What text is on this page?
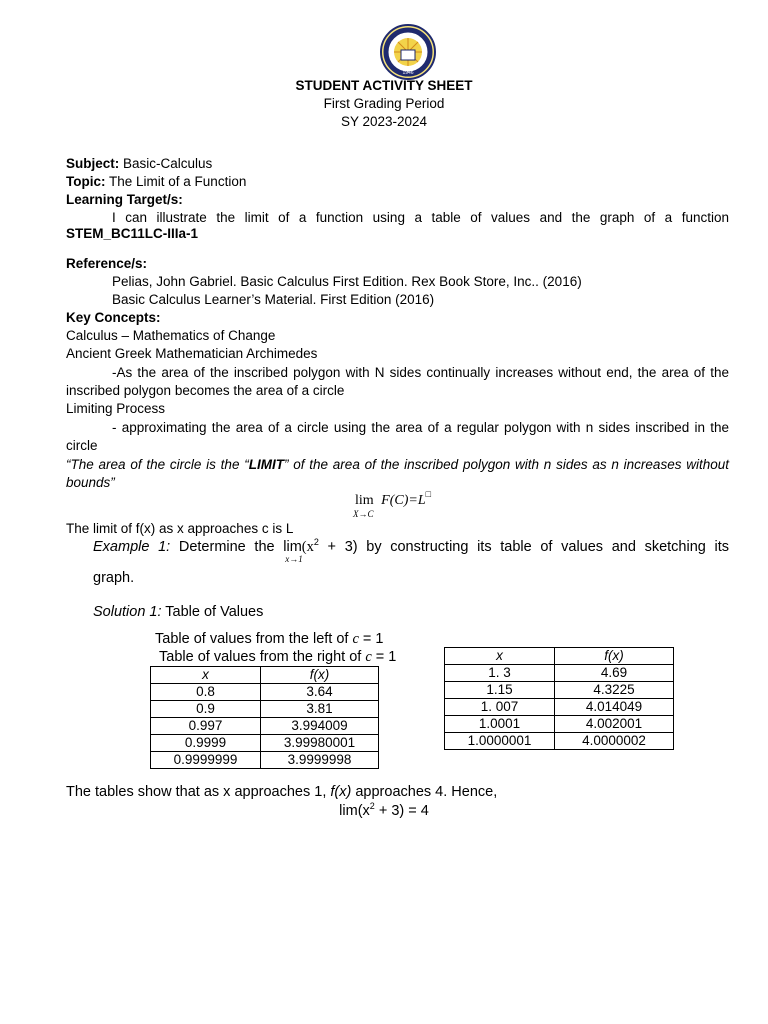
1946
STUDENT ACTIVITY SHEET
First Grading Period
SY 2023-2024
Subject: Basic-Calculus
Topic: The Limit of a Function
Learning Target/s:
I can illustrate the limit of a function using a table of values and the graph of a function
STEM_BC11LC-IIIa-1
Reference/s:
Pelias, John Gabriel. Basic Calculus First Edition. Rex Book Store, Inc.. (2016)
Basic Calculus Learner’s Material. First Edition (2016)
Key Concepts:
Calculus – Mathematics of Change
Ancient Greek Mathematician Archimedes
-As the area of the inscribed polygon with N sides continually increases without end, the area of the inscribed polygon becomes the area of a circle
Limiting Process
- approximating the area of a circle using the area of a regular polygon with n sides inscribed in the circle
“The area of the circle is the “LIMIT” of the area of the inscribed polygon with n sides as n increases without bounds”
lim F(C)=L□
X→C
The limit of f(x) as x approaches c is L
Example 1: Determine the lim
x→1
$(x^2 + 3)$ by constructing its table of values and sketching its
graph.
Solution 1: Table of Values
Table of values from the left of c = 1
Table of values from the right of c = 1
x	f(x)
0.8	3.64
0.9	3.81
0.997	3.994009
0.9999	3.99980001
0.9999999	3.9999998
x	f(x)
1. 3	4.69
1.15	4.3225
1. 007	4.014049
1.0001	4.002001
1.0000001	4.0000002
The tables show that as x approaches 1, f(x) approaches 4. Hence,
$\lim(x^2 + 3) = 4$
